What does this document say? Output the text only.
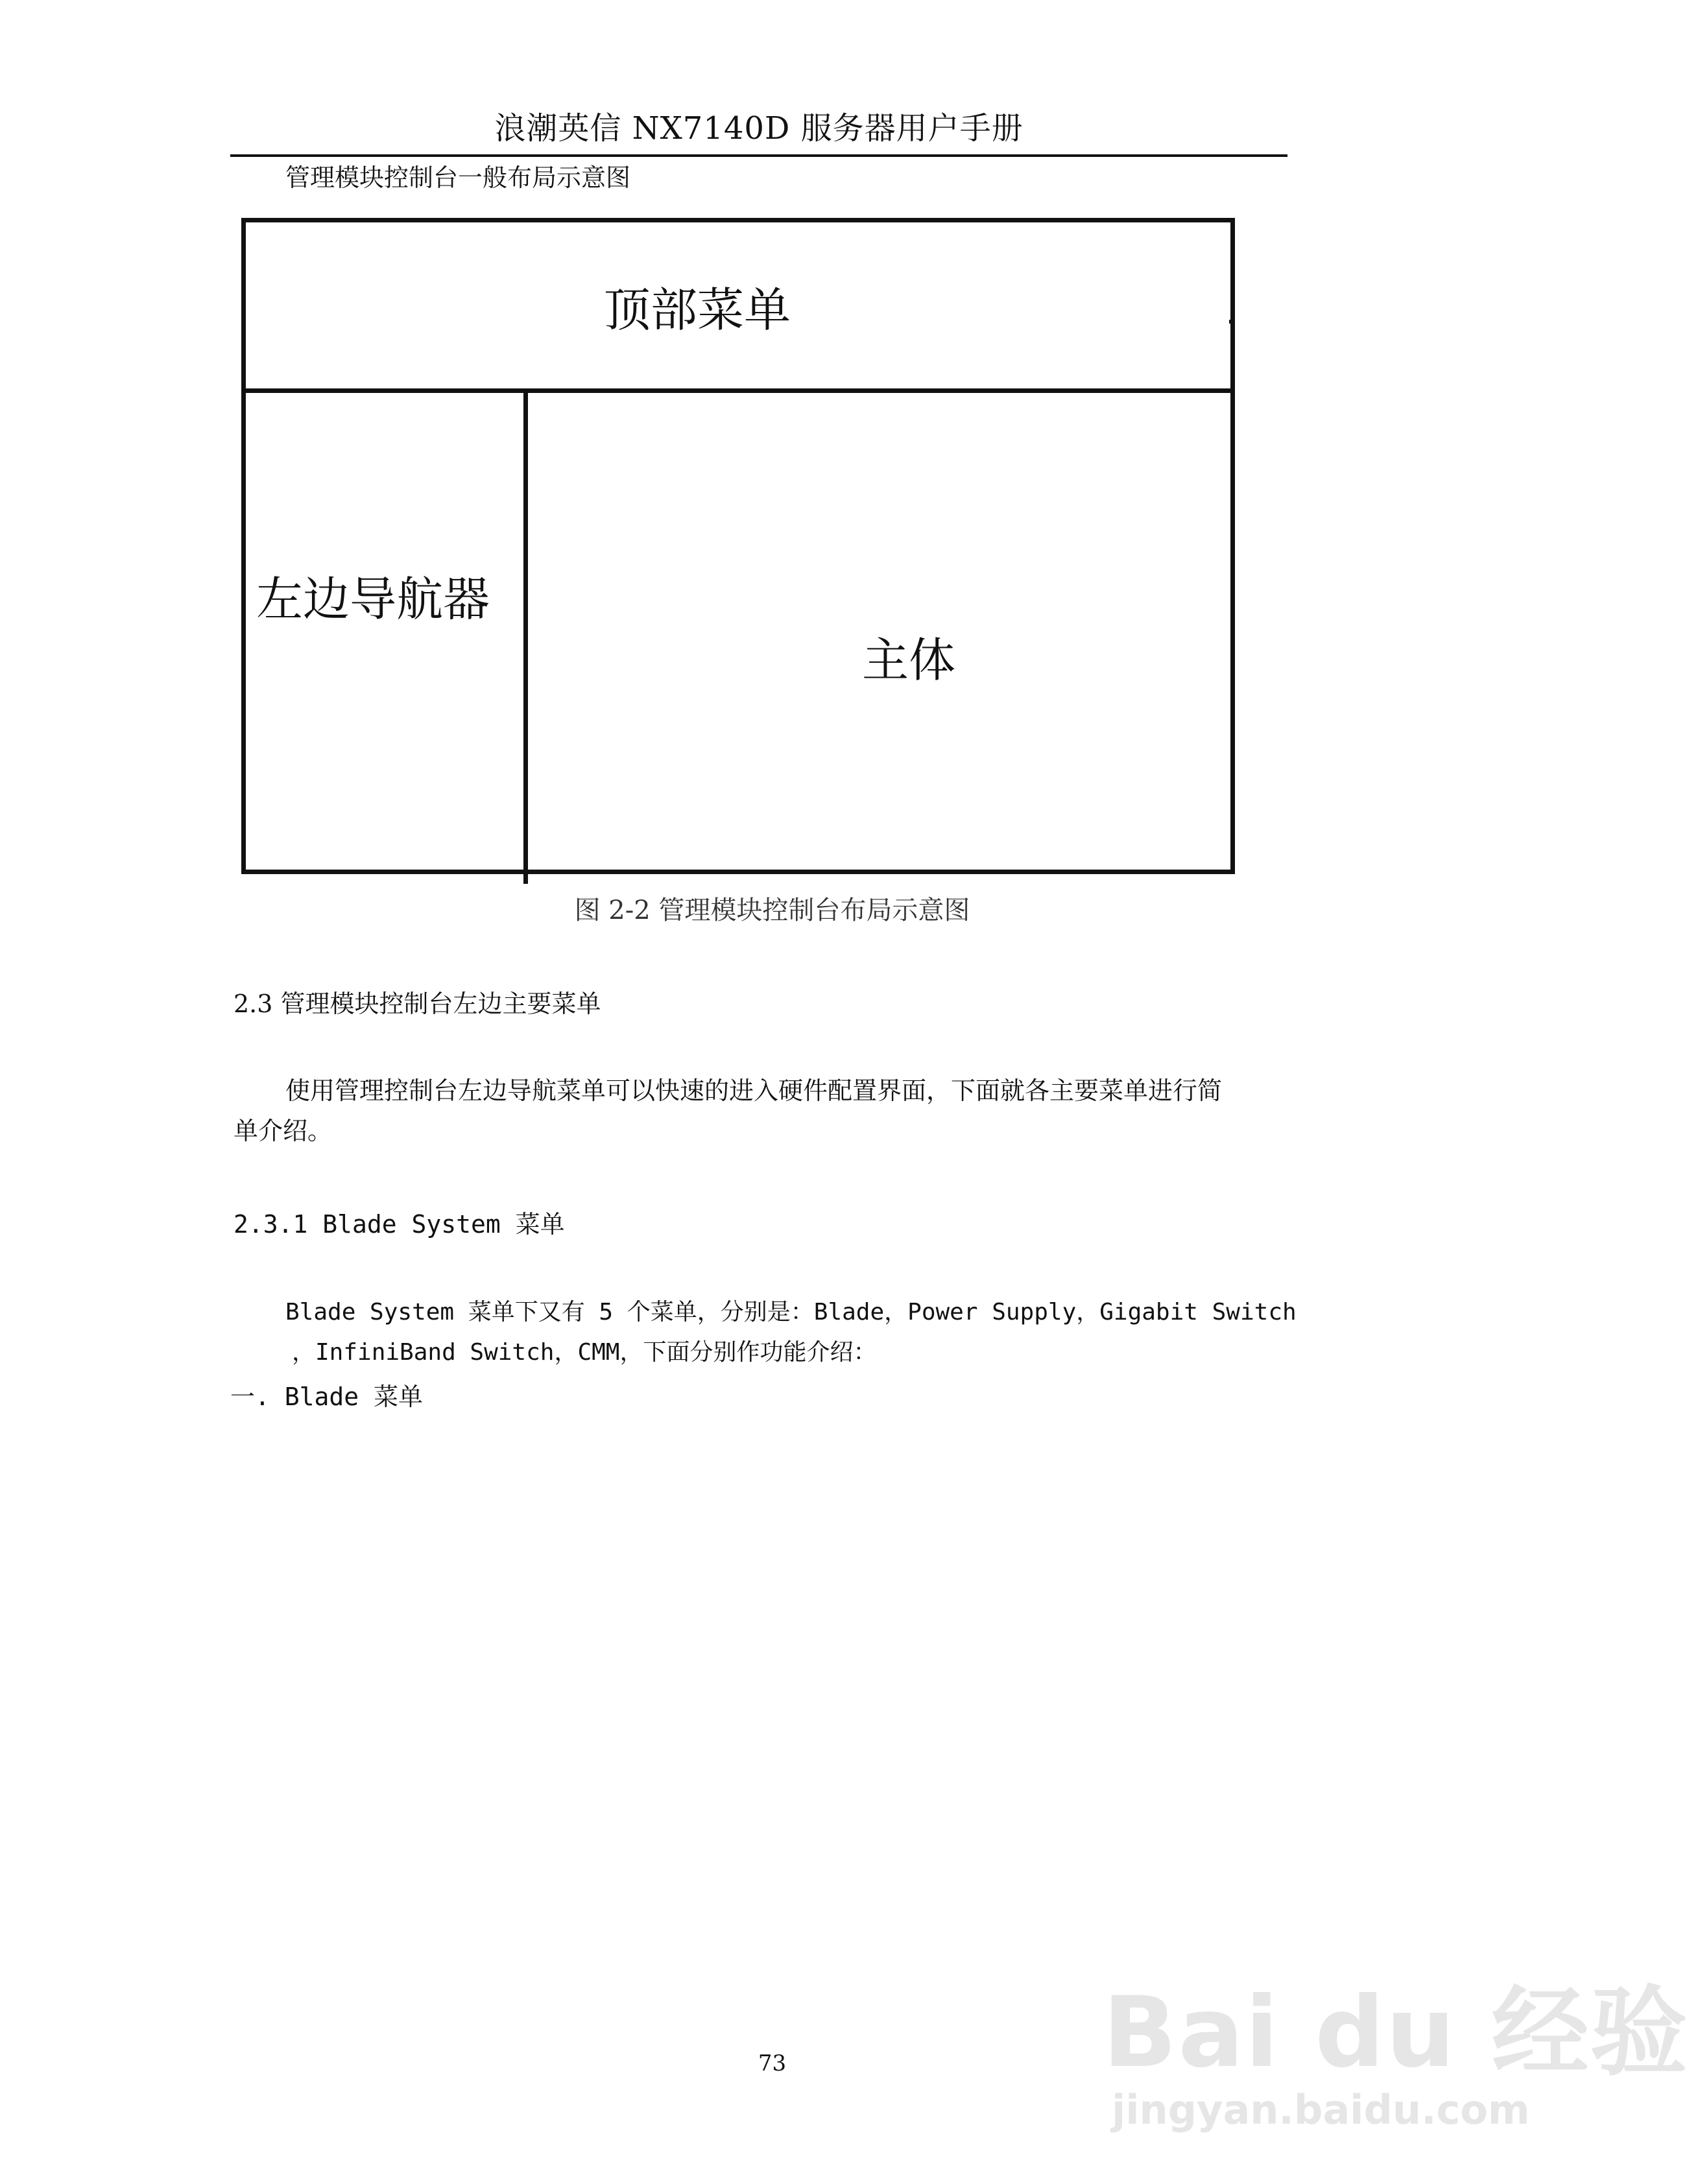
浪潮英信 NX7140D 服务器用户手册
管理模块控制台一般布局示意图
顶部菜单
左边导航器
主体
图 2-2 管理模块控制台布局示意图
2.3 管理模块控制台左边主要菜单
使用管理控制台左边导航菜单可以快速的进入硬件配置界面，下面就各主要菜单进行简
单介绍。
2.3.1 Blade System 菜单
Blade System 菜单下又有 5 个菜单，分别是：Blade，Power Supply，Gigabit Switch
，InfiniBand Switch，CMM，下面分别作功能介绍：
一. Blade 菜单
73	Bai du 经验
jingyan.baidu.com
